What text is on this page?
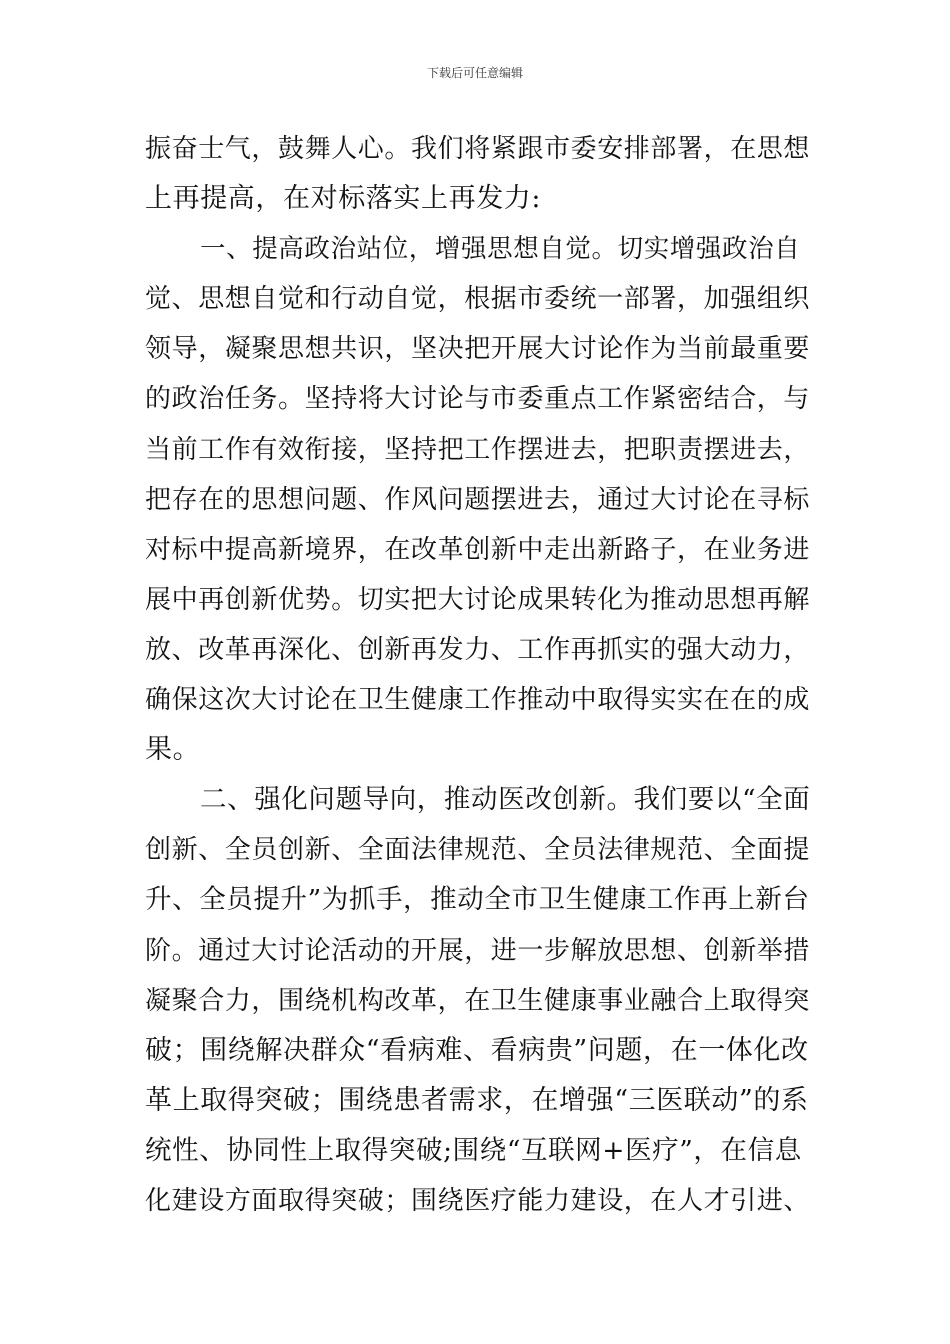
下载后可任意编辑
振奋士气，鼓舞人心。我们将紧跟市委安排部署，在思想
上再提高，在对标落实上再发力:
一、提高政治站位，增强思想自觉。切实增强政治自
觉、思想自觉和行动自觉，根据市委统一部署，加强组织
领导，凝聚思想共识，坚决把开展大讨论作为当前最重要
的政治任务。坚持将大讨论与市委重点工作紧密结合，与
当前工作有效衔接，坚持把工作摆进去，把职责摆进去，
把存在的思想问题、作风问题摆进去，通过大讨论在寻标
对标中提高新境界，在改革创新中走出新路子，在业务进
展中再创新优势。切实把大讨论成果转化为推动思想再解
放、改革再深化、创新再发力、工作再抓实的强大动力，
确保这次大讨论在卫生健康工作推动中取得实实在在的成
果。
二、强化问题导向，推动医改创新。我们要以“全面
创新、全员创新、全面法律规范、全员法律规范、全面提
升、全员提升”为抓手，推动全市卫生健康工作再上新台
阶。通过大讨论活动的开展，进一步解放思想、创新举措
凝聚合力，围绕机构改革，在卫生健康事业融合上取得突
破；围绕解决群众“看病难、看病贵”问题，在一体化改
革上取得突破；围绕患者需求，在增强“三医联动”的系
统性、协同性上取得突破;围绕“互联网+医疗”，在信息
化建设方面取得突破；围绕医疗能力建设，在人才引进、
